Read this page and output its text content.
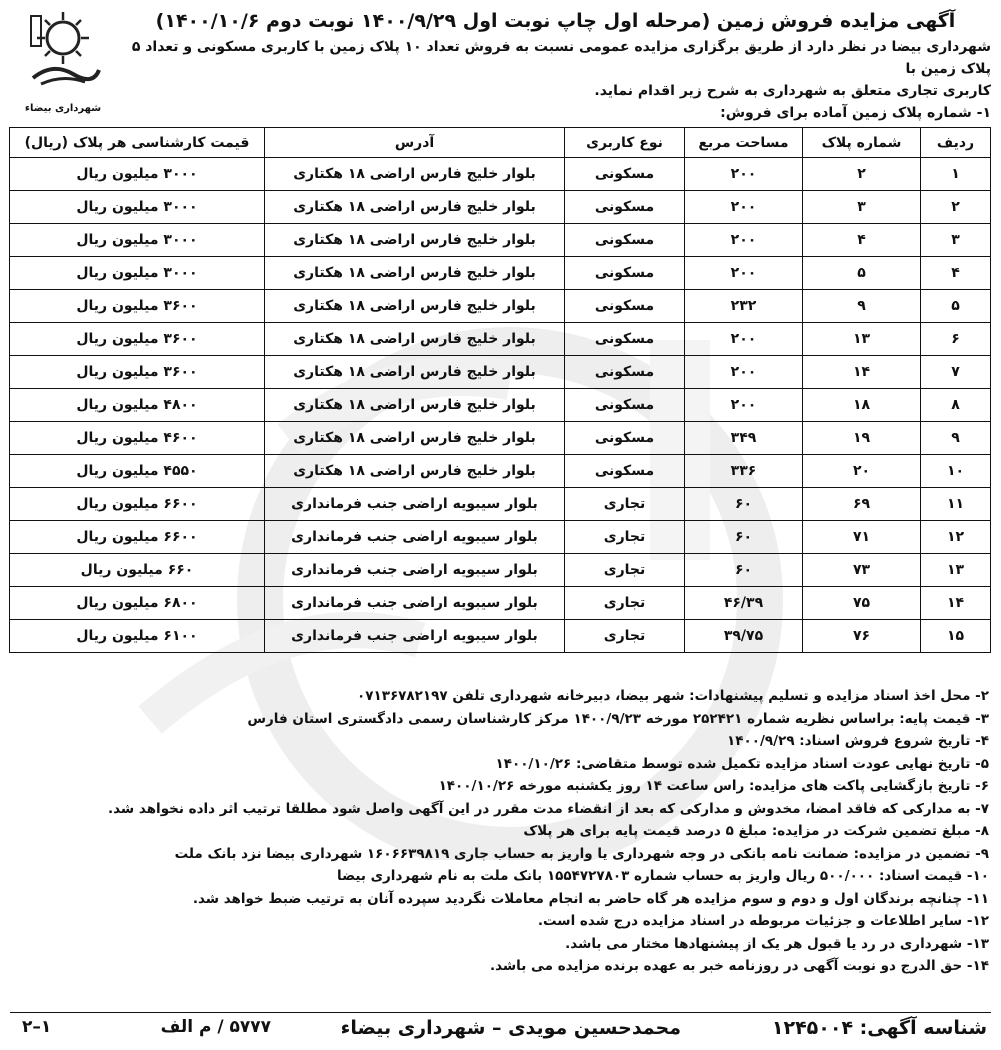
آگهی مزایده فروش زمین (مرحله اول چاپ نوبت اول ۱۴۰۰/۹/۲۹ نوبت دوم ۱۴۰۰/۱۰/۶)

شهرداری بیضا در نظر دارد از طریق برگزاری مزایده عمومی نسبت به فروش تعداد ۱۰ پلاک زمین با کاربری مسکونی و تعداد ۵ پلاک زمین با

کاربری تجاری متعلق به شهرداری به شرح زیر اقدام نماید.

۱- شماره پلاک زمین آماده برای فروش:

شهرداری بیضاء
ردیف	شماره پلاک	مساحت مربع	نوع کاربری	آدرس	قیمت کارشناسی هر پلاک (ریال)
۱	۲	۲۰۰	مسکونی	بلوار خلیج فارس اراضی ۱۸ هکتاری	۳۰۰۰ میلیون ریال
۲	۳	۲۰۰	مسکونی	بلوار خلیج فارس اراضی ۱۸ هکتاری	۳۰۰۰ میلیون ریال
۳	۴	۲۰۰	مسکونی	بلوار خلیج فارس اراضی ۱۸ هکتاری	۳۰۰۰ میلیون ریال
۴	۵	۲۰۰	مسکونی	بلوار خلیج فارس اراضی ۱۸ هکتاری	۳۰۰۰ میلیون ریال
۵	۹	۲۳۲	مسکونی	بلوار خلیج فارس اراضی ۱۸ هکتاری	۳۶۰۰ میلیون ریال
۶	۱۳	۲۰۰	مسکونی	بلوار خلیج فارس اراضی ۱۸ هکتاری	۳۶۰۰ میلیون ریال
۷	۱۴	۲۰۰	مسکونی	بلوار خلیج فارس اراضی ۱۸ هکتاری	۳۶۰۰ میلیون ریال
۸	۱۸	۲۰۰	مسکونی	بلوار خلیج فارس اراضی ۱۸ هکتاری	۴۸۰۰ میلیون ریال
۹	۱۹	۳۴۹	مسکونی	بلوار خلیج فارس اراضی ۱۸ هکتاری	۴۶۰۰ میلیون ریال
۱۰	۲۰	۳۳۶	مسکونی	بلوار خلیج فارس اراضی ۱۸ هکتاری	۴۵۵۰ میلیون ریال
۱۱	۶۹	۶۰	تجاری	بلوار سیبویه اراضی جنب فرمانداری	۶۶۰۰ میلیون ریال
۱۲	۷۱	۶۰	تجاری	بلوار سیبویه اراضی جنب فرمانداری	۶۶۰۰ میلیون ریال
۱۳	۷۳	۶۰	تجاری	بلوار سیبویه اراضی جنب فرمانداری	۶۶۰ میلیون ریال
۱۴	۷۵	۴۶/۳۹	تجاری	بلوار سیبویه اراضی جنب فرمانداری	۶۸۰۰ میلیون ریال
۱۵	۷۶	۳۹/۷۵	تجاری	بلوار سیبویه اراضی جنب فرمانداری	۶۱۰۰ میلیون ریال

۲- محل اخذ اسناد مزایده و تسلیم پیشنهادات: شهر بیضا، دبیرخانه شهرداری تلفن ۰۷۱۳۶۷۸۲۱۹۷

۳- قیمت پایه: براساس نظریه شماره ۲۵۲۴۲۱ مورخه ۱۴۰۰/۹/۲۳ مرکز کارشناسان رسمی دادگستری استان فارس

۴- تاریخ شروع فروش اسناد: ۱۴۰۰/۹/۲۹

۵- تاریخ نهایی عودت اسناد مزایده تکمیل شده توسط متقاضی: ۱۴۰۰/۱۰/۲۶

۶- تاریخ بازگشایی پاکت های مزایده: راس ساعت ۱۴ روز یکشنبه مورخه ۱۴۰۰/۱۰/۲۶

۷- به مدارکی که فاقد امضا، مخدوش و مدارکی که بعد از انقضاء مدت مقرر در این آگهی واصل شود مطلقا ترتیب اثر داده نخواهد شد.

۸- مبلغ تضمین شرکت در مزایده: مبلغ ۵ درصد قیمت پایه برای هر پلاک

۹- تضمین در مزایده: ضمانت نامه بانکی در وجه شهرداری یا واریز به حساب جاری ۱۶۰۶۶۳۹۸۱۹ شهرداری بیضا نزد بانک ملت

۱۰- قیمت اسناد: ۵۰۰/۰۰۰ ریال واریز به حساب شماره ۱۵۵۴۷۲۷۸۰۳ بانک ملت به نام شهرداری بیضا

۱۱- چنانچه برندگان اول و دوم و سوم مزایده هر گاه حاضر به انجام معاملات نگردید سپرده آنان به ترتیب ضبط خواهد شد.

۱۲- سایر اطلاعات و جزئیات مربوطه در اسناد مزایده درج شده است.

۱۳- شهرداری در رد یا قبول هر یک از پیشنهادها مختار می باشد.

۱۴- حق الدرج دو نوبت آگهی در روزنامه خبر به عهده برنده مزایده می باشد.

شناسه آگهی: ۱۲۴۵۰۰۴
محمدحسین مویدی – شهرداری بیضاء
۵۷۷۷ / م الف
۱–۲
